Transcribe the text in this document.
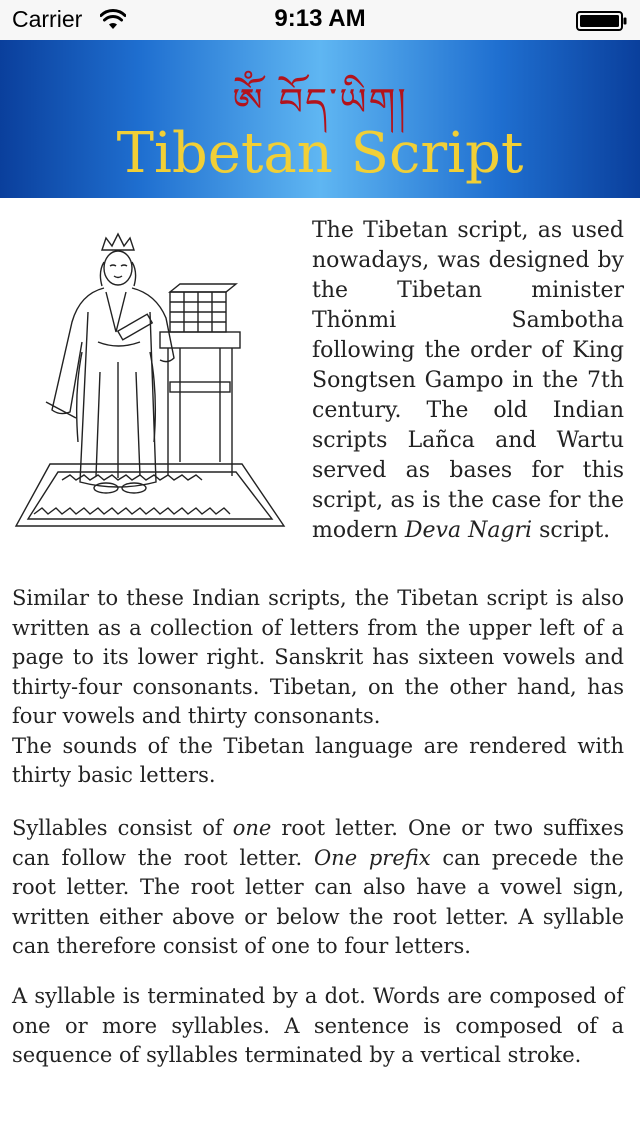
Carrier	9:13 AM
ༀ བོད་ཡིག།
Tibetan Script

The Tibetan script, as used nowadays, was designed by the Tibetan minister Thönmi Sambotha following the order of King Songtsen Gampo in the 7th century. The old Indian scripts Lañca and Wartu served as bases for this script, as is the case for the modern Deva Nagri script.

Similar to these Indian scripts, the Tibetan script is also written as a collection of letters from the upper left of a page to its lower right. Sanskrit has sixteen vowels and thirty-four consonants. Tibetan, on the other hand, has four vowels and thirty consonants.
The sounds of the Tibetan language are rendered with thirty basic letters.

Syllables consist of one root letter. One or two suffixes can follow the root letter. One prefix can precede the root letter. The root letter can also have a vowel sign, written either above or below the root letter. A syllable can therefore consist of one to four letters.

A syllable is terminated by a dot. Words are composed of one or more syllables. A sentence is composed of a sequence of syllables terminated by a vertical stroke.
